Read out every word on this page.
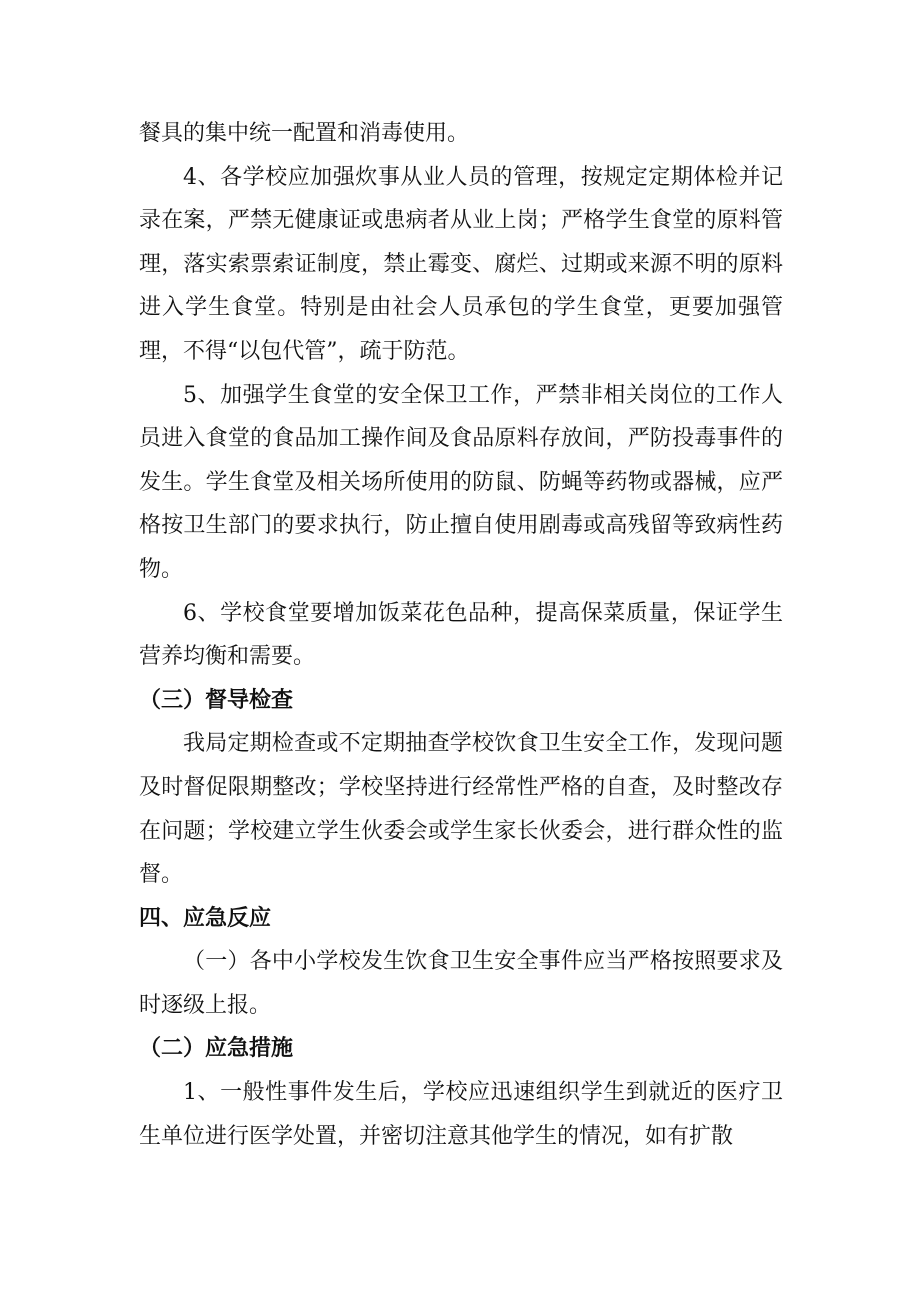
餐具的集中统一配置和消毒使用。

4、各学校应加强炊事从业人员的管理，按规定定期体检并记录在案，严禁无健康证或患病者从业上岗；严格学生食堂的原料管理，落实索票索证制度，禁止霉变、腐烂、过期或来源不明的原料进入学生食堂。特别是由社会人员承包的学生食堂，更要加强管理，不得“以包代管”，疏于防范。

5、加强学生食堂的安全保卫工作，严禁非相关岗位的工作人员进入食堂的食品加工操作间及食品原料存放间，严防投毒事件的发生。学生食堂及相关场所使用的防鼠、防蝇等药物或器械，应严格按卫生部门的要求执行，防止擅自使用剧毒或高残留等致病性药物。

6、学校食堂要增加饭菜花色品种，提高保菜质量，保证学生营养均衡和需要。

（三）督导检查

我局定期检查或不定期抽查学校饮食卫生安全工作，发现问题及时督促限期整改；学校坚持进行经常性严格的自查，及时整改存在问题；学校建立学生伙委会或学生家长伙委会，进行群众性的监督。

四、应急反应

（一）各中小学校发生饮食卫生安全事件应当严格按照要求及时逐级上报。

（二）应急措施

1、一般性事件发生后，学校应迅速组织学生到就近的医疗卫生单位进行医学处置，并密切注意其他学生的情况，如有扩散
